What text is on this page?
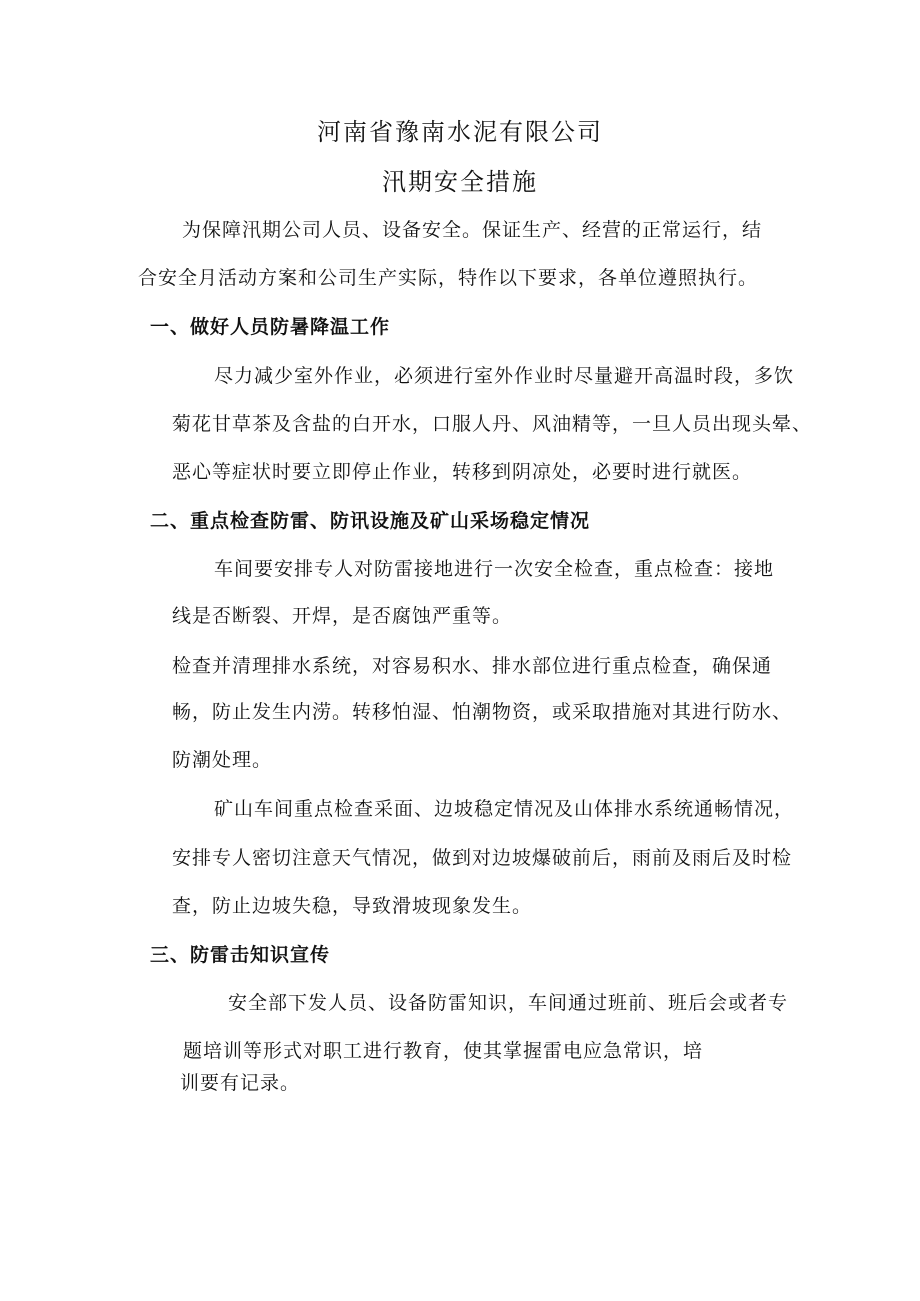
河南省豫南水泥有限公司
汛期安全措施
为保障汛期公司人员、设备安全。保证生产、经营的正常运行，结
合安全月活动方案和公司生产实际，特作以下要求，各单位遵照执行。
一、做好人员防暑降温工作
尽力减少室外作业，必须进行室外作业时尽量避开高温时段，多饮
菊花甘草茶及含盐的白开水，口服人丹、风油精等，一旦人员出现头晕、
恶心等症状时要立即停止作业，转移到阴凉处，必要时进行就医。
二、重点检查防雷、防讯设施及矿山采场稳定情况
车间要安排专人对防雷接地进行一次安全检查，重点检查：接地
线是否断裂、开焊，是否腐蚀严重等。
检查并清理排水系统，对容易积水、排水部位进行重点检查，确保通
畅，防止发生内涝。转移怕湿、怕潮物资，或采取措施对其进行防水、
防潮处理。
矿山车间重点检查采面、边坡稳定情况及山体排水系统通畅情况，
安排专人密切注意天气情况，做到对边坡爆破前后，雨前及雨后及时检
查，防止边坡失稳，导致滑坡现象发生。
三、防雷击知识宣传
安全部下发人员、设备防雷知识，车间通过班前、班后会或者专
题培训等形式对职工进行教育，使其掌握雷电应急常识，培
训要有记录。
